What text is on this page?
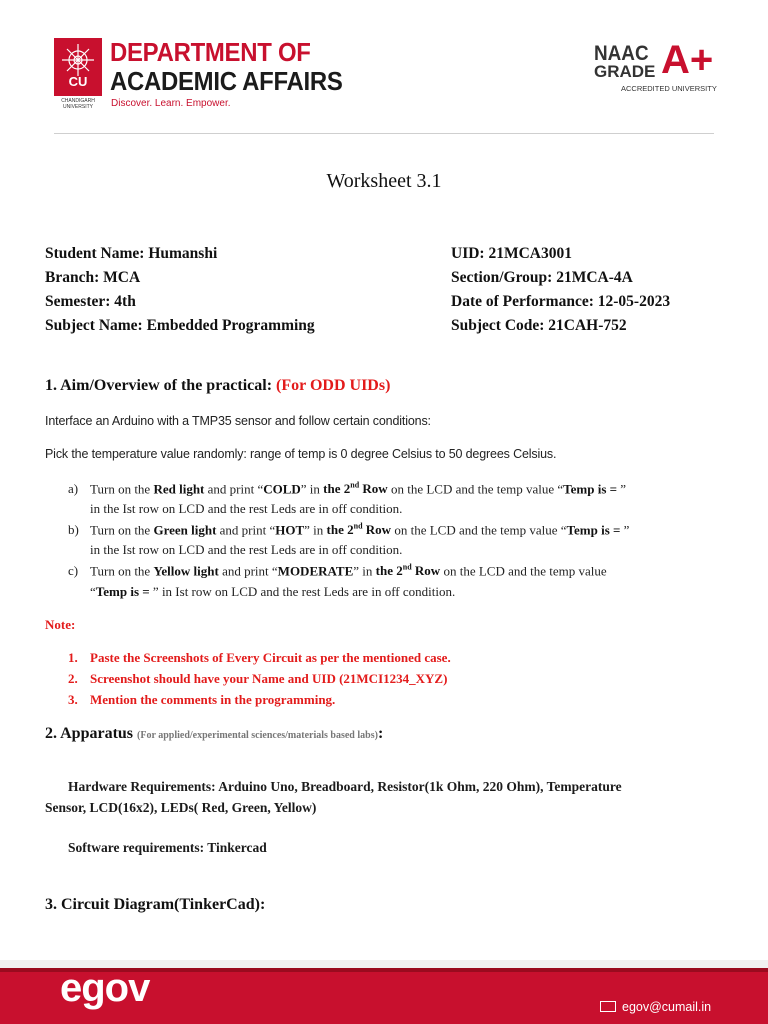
CU
CHANDIGARH UNIVERSITY
DEPARTMENT OF
ACADEMIC AFFAIRS
Discover. Learn. Empower.
NAAC
GRADE A+
ACCREDITED UNIVERSITY
Worksheet 3.1
Student Name: Humanshi
Branch: MCA
Semester: 4th
Subject Name: Embedded Programming
UID: 21MCA3001
Section/Group: 21MCA-4A
Date of Performance: 12-05-2023
Subject Code: 21CAH-752
1. Aim/Overview of the practical: (For ODD UIDs)
Interface an Arduino with a TMP35 sensor and follow certain conditions:
Pick the temperature value randomly: range of temp is 0 degree Celsius to 50 degrees Celsius.
a) Turn on the Red light and print “COLD” in the 2nd Row on the LCD and the temp value “Temp is = ”
in the Ist row on LCD and the rest Leds are in off condition.
b) Turn on the Green light and print “HOT” in the 2nd Row on the LCD and the temp value “Temp is = ”
in the Ist row on LCD and the rest Leds are in off condition.
c) Turn on the Yellow light and print “MODERATE” in the 2nd Row on the LCD and the temp value
“Temp is = ” in Ist row on LCD and the rest Leds are in off condition.
Note:
1. Paste the Screenshots of Every Circuit as per the mentioned case.
2. Screenshot should have your Name and UID (21MCI1234_XYZ)
3. Mention the comments in the programming.
2. Apparatus (For applied/experimental sciences/materials based labs):
Hardware Requirements: Arduino Uno, Breadboard, Resistor(1k Ohm, 220 Ohm), Temperature
Sensor, LCD(16x2), LEDs( Red, Green, Yellow)
Software requirements: Tinkercad
3. Circuit Diagram(TinkerCad):
egov	egov@cumail.in
